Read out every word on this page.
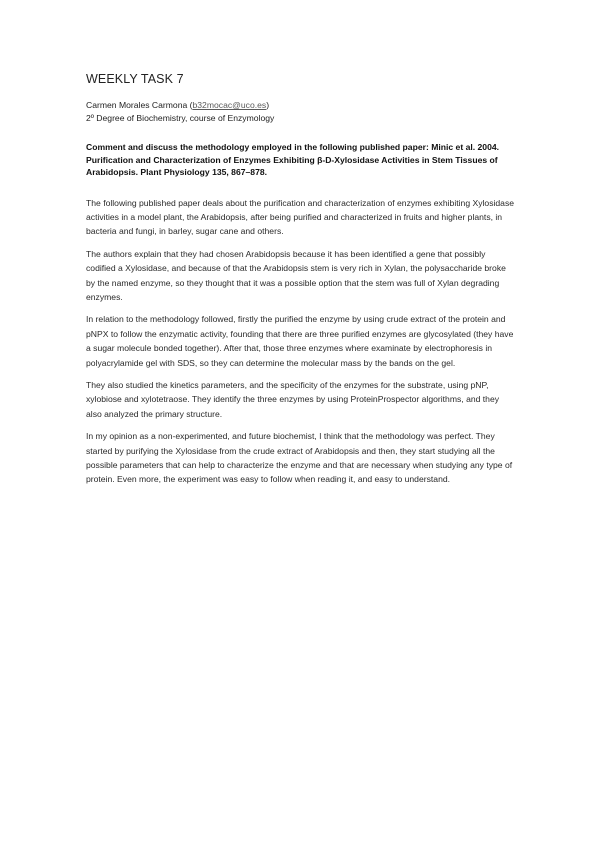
WEEKLY TASK 7
Carmen Morales Carmona (b32mocac@uco.es)
2º Degree of Biochemistry, course of Enzymology
Comment and discuss the methodology employed in the following published paper: Minic et al. 2004. Purification and Characterization of Enzymes Exhibiting β-D-Xylosidase Activities in Stem Tissues of Arabidopsis. Plant Physiology 135, 867–878.
The following published paper deals about the purification and characterization of enzymes exhibiting Xylosidase activities in a model plant, the Arabidopsis, after being purified and characterized in fruits and higher plants, in bacteria and fungi, in barley, sugar cane and others.
The authors explain that they had chosen Arabidopsis because it has been identified a gene that possibly codified a Xylosidase, and because of that the Arabidopsis stem is very rich in Xylan, the polysaccharide broke by the named enzyme, so they thought that it was a possible option that the stem was full of Xylan degrading enzymes.
In relation to the methodology followed, firstly the purified the enzyme by using crude extract of the protein and pNPX to follow the enzymatic activity, founding that there are three purified enzymes are glycosylated (they have a sugar molecule bonded together). After that, those three enzymes where examinate by electrophoresis in polyacrylamide gel with SDS, so they can determine the molecular mass by the bands on the gel.
They also studied the kinetics parameters, and the specificity of the enzymes for the substrate, using pNP, xylobiose and xylotetraose. They identify the three enzymes by using ProteinProspector algorithms, and they also analyzed the primary structure.
In my opinion as a non-experimented, and future biochemist, I think that the methodology was perfect. They started by purifying the Xylosidase from the crude extract of Arabidopsis and then, they start studying all the possible parameters that can help to characterize the enzyme and that are necessary when studying any type of protein. Even more, the experiment was easy to follow when reading it, and easy to understand.
